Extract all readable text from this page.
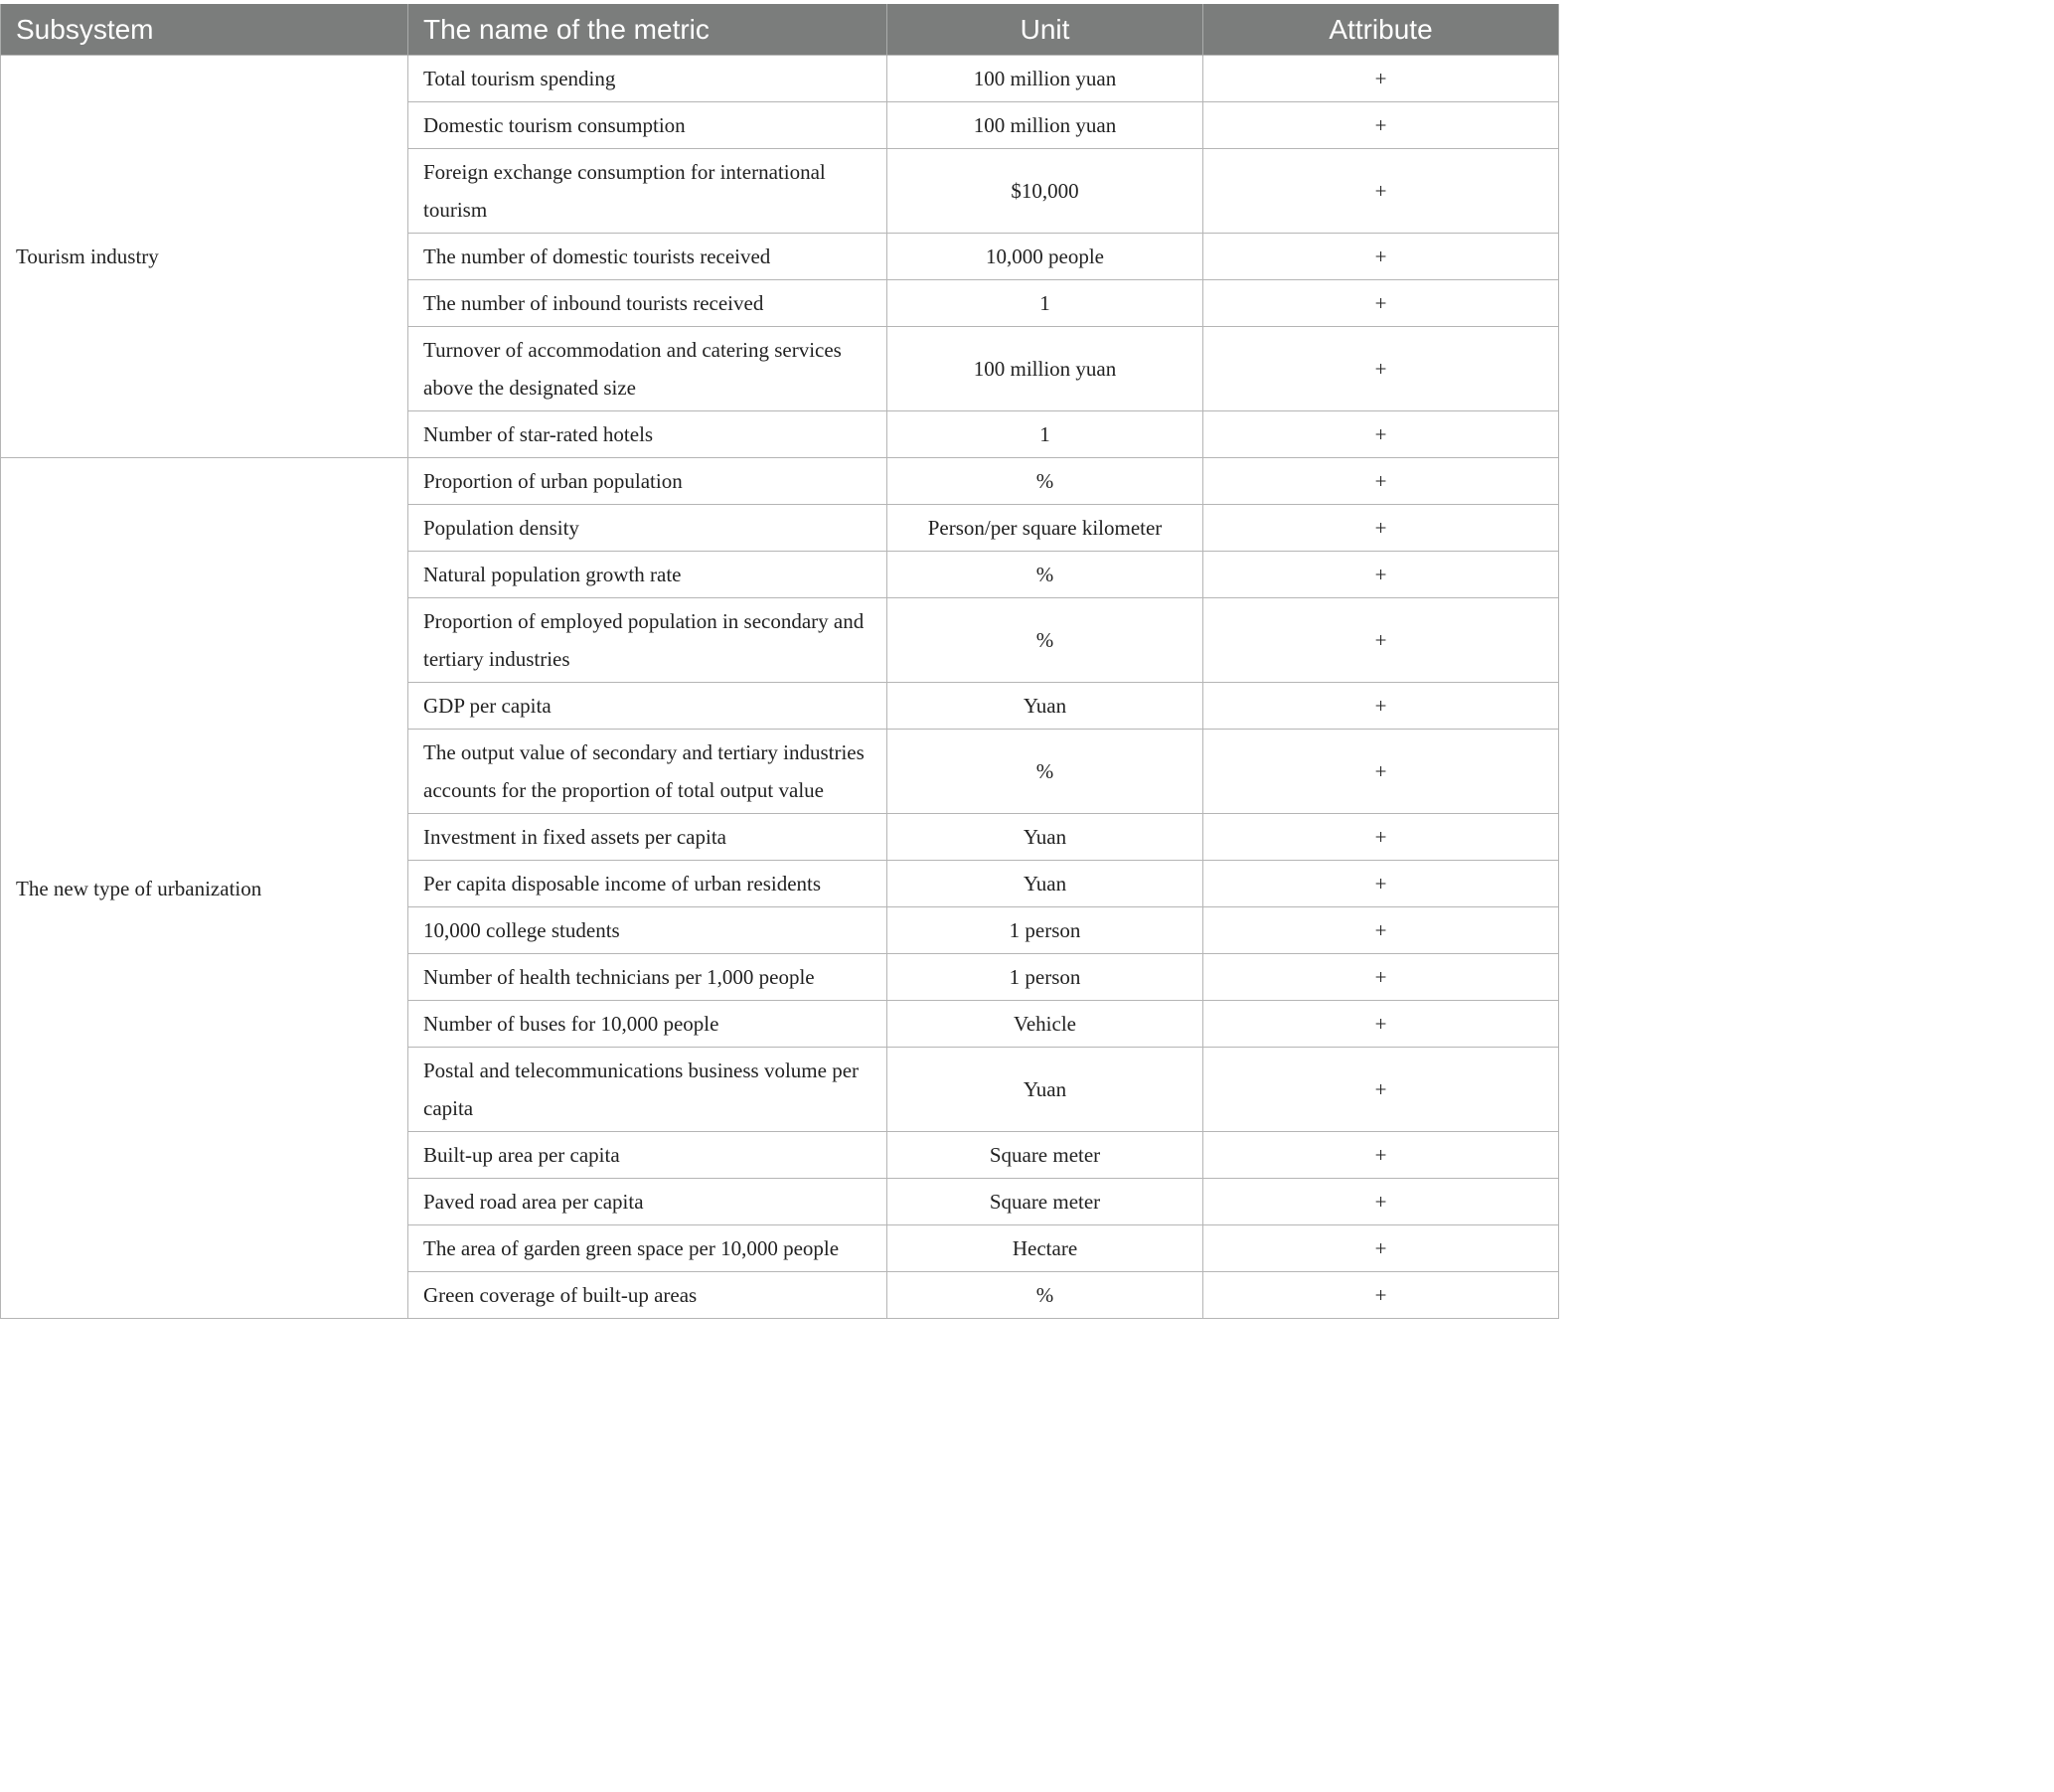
Subsystem	The name of the metric	Unit	Attribute
Tourism industry	Total tourism spending	100 million yuan	+
	Domestic tourism consumption	100 million yuan	+
	Foreign exchange consumption for international tourism	$10,000	+
	The number of domestic tourists received	10,000 people	+
	The number of inbound tourists received	1	+
	Turnover of accommodation and catering services above the designated size	100 million yuan	+
	Number of star-rated hotels	1	+
The new type of urbanization	Proportion of urban population	%	+
	Population density	Person/per square kilometer	+
	Natural population growth rate	%	+
	Proportion of employed population in secondary and tertiary industries	%	+
	GDP per capita	Yuan	+
	The output value of secondary and tertiary industries accounts for the proportion of total output value	%	+
	Investment in fixed assets per capita	Yuan	+
	Per capita disposable income of urban residents	Yuan	+
	10,000 college students	1 person	+
	Number of health technicians per 1,000 people	1 person	+
	Number of buses for 10,000 people	Vehicle	+
	Postal and telecommunications business volume per capita	Yuan	+
	Built-up area per capita	Square meter	+
	Paved road area per capita	Square meter	+
	The area of garden green space per 10,000 people	Hectare	+
	Green coverage of built-up areas	%	+
